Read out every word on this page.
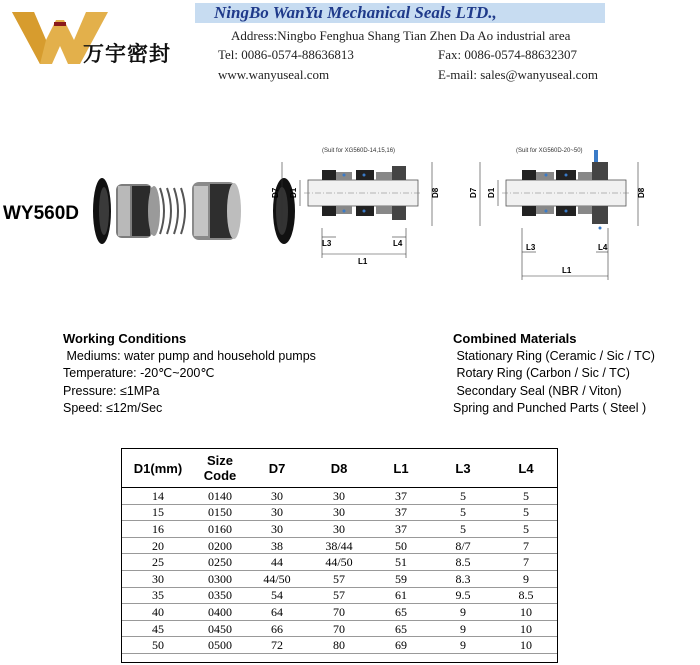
万宇密封
NingBo WanYu Mechanical Seals LTD.,
Address:Ningbo Fenghua Shang Tian Zhen Da Ao industrial area
Tel: 0086-0574-88636813	Fax: 0086-0574-88632307
www.wanyuseal.com	E-mail: sales@wanyuseal.com
WY560D
(Suit for XG560D-14,15,16)
D7 D1	D8
L3	L4
L1
(Suit for XG560D-20~50)
D7 D1	D8
L3	L4
L1
Working Conditions
Mediums: water pump and household pumps
Temperature: -20℃~200℃
Pressure: ≤1MPa
Speed: ≤12m/Sec
Combined Materials
Stationary Ring (Ceramic / Sic / TC)
Rotary Ring (Carbon / Sic / TC)
Secondary Seal (NBR / Viton)
Spring and Punched Parts ( Steel )
D1(mm)	Size Code	D7	D8	L1	L3	L4
14	0140	30	30	37	5	5
15	0150	30	30	37	5	5
16	0160	30	30	37	5	5
20	0200	38	38/44	50	8/7	7
25	0250	44	44/50	51	8.5	7
30	0300	44/50	57	59	8.3	9
35	0350	54	57	61	9.5	8.5
40	0400	64	70	65	9	10
45	0450	66	70	65	9	10
50	0500	72	80	69	9	10
